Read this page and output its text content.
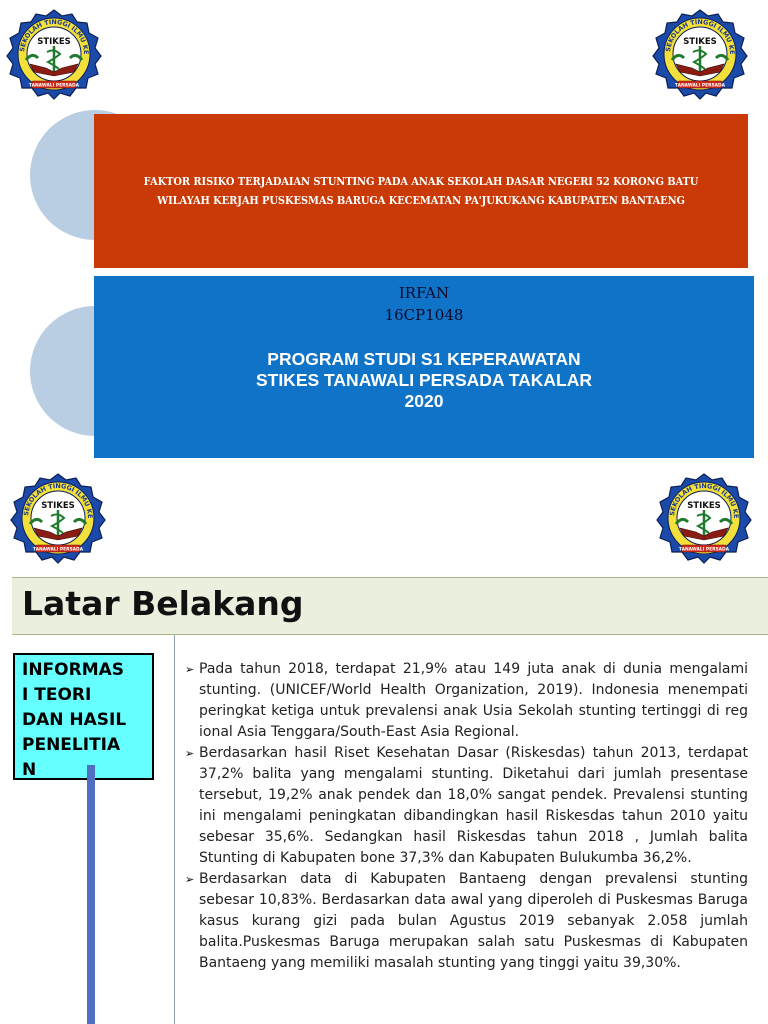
FAKTOR RISIKO TERJADAIAN STUNTING PADA ANAK SEKOLAH DASAR NEGERI 52 KORONG BATU WILAYAH KERJAH PUSKESMAS BARUGA KECEMATAN PA'JUKUKANG KABUPATEN BANTAENG
IRFAN
16CP1048
PROGRAM STUDI S1 KEPERAWATAN
STIKES TANAWALI PERSADA TAKALAR
2020
Latar Belakang
INFORMAS
I TEORI
DAN HASIL
PENELITIA
N
➢ Pada tahun 2018, terdapat 21,9% atau 149 juta anak di dunia mengalami stunting. (UNICEF/World Health Organization, 2019). Indonesia menempati peringkat ketiga untuk prevalensi anak Usia Sekolah stunting tertinggi di reg ional Asia Tenggara/South-East Asia Regional.

➢ Berdasarkan hasil Riset Kesehatan Dasar (Riskesdas) tahun 2013, terdapat 37,2% balita yang mengalami stunting. Diketahui dari jumlah presentase tersebut, 19,2% anak pendek dan 18,0% sangat pendek. Prevalensi stunting ini mengalami peningkatan dibandingkan hasil Riskesdas tahun 2010 yaitu sebesar 35,6%. Sedangkan hasil Riskesdas tahun 2018 , Jumlah balita Stunting di Kabupaten bone 37,3% dan Kabupaten Bulukumba 36,2%.

➢ Berdasarkan data di Kabupaten Bantaeng dengan prevalensi stunting sebesar 10,83%. Berdasarkan data awal yang diperoleh di Puskesmas Baruga kasus kurang gizi pada bulan Agustus 2019 sebanyak 2.058 jumlah balita.Puskesmas Baruga merupakan salah satu Puskesmas di Kabupaten Bantaeng yang memiliki masalah stunting yang tinggi yaitu 39,30%.
